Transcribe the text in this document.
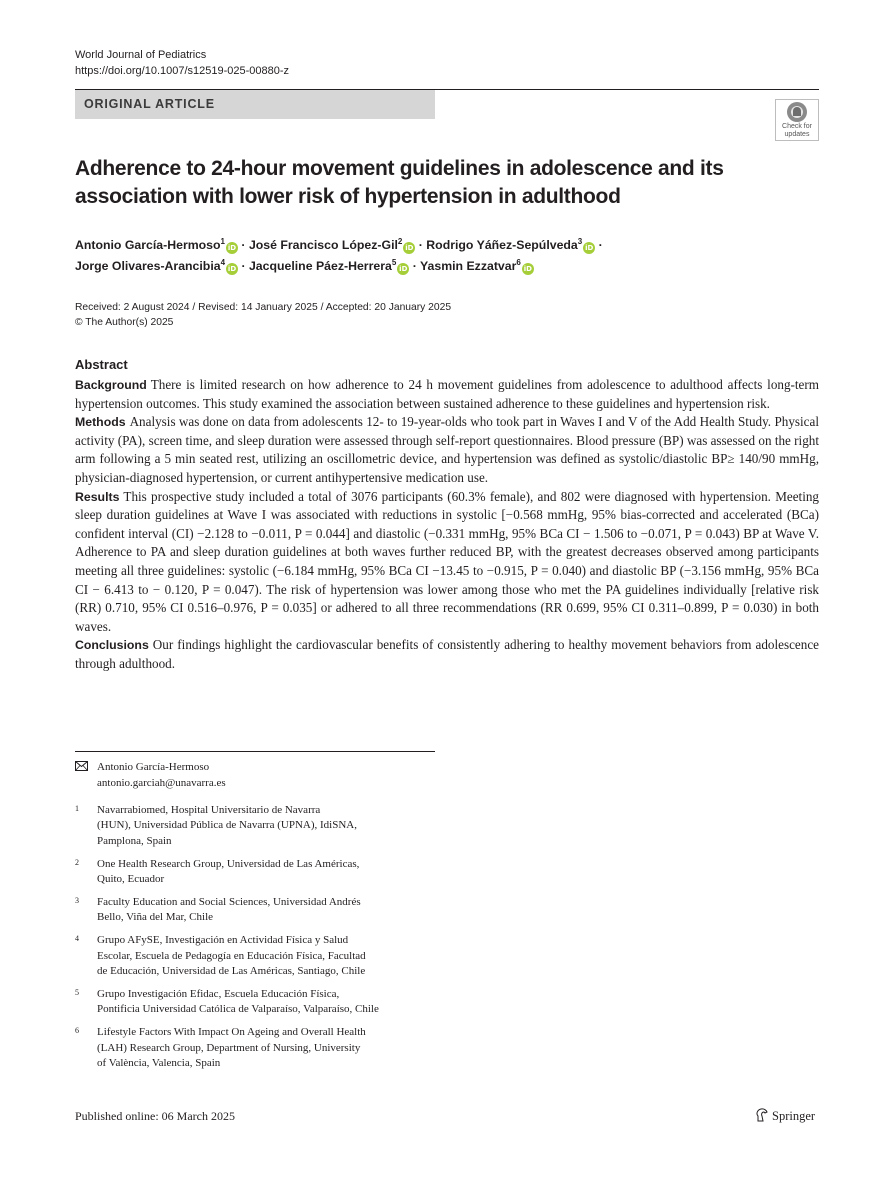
World Journal of Pediatrics
https://doi.org/10.1007/s12519-025-00880-z
ORIGINAL ARTICLE
Check for
updates
Adherence to 24-hour movement guidelines in adolescence and its
association with lower risk of hypertension in adulthood
Antonio García-Hermoso$^1$iD · José Francisco López-Gil$^2$iD · Rodrigo Yáñez-Sepúlveda$^3$iD ·
Jorge Olivares-Arancibia$^4$iD · Jacqueline Páez-Herrera$^5$iD · Yasmin Ezzatvar$^6$iD
Received: 2 August 2024 / Revised: 14 January 2025 / Accepted: 20 January 2025
© The Author(s) 2025
Abstract

Background There is limited research on how adherence to 24 h movement guidelines from adolescence to adulthood affects long-term hypertension outcomes. This study examined the association between sustained adherence to these guidelines and hypertension risk.

Methods Analysis was done on data from adolescents 12- to 19-year-olds who took part in Waves I and V of the Add Health Study. Physical activity (PA), screen time, and sleep duration were assessed through self-report questionnaires. Blood pressure (BP) was assessed on the right arm following a 5 min seated rest, utilizing an oscillometric device, and hypertension was defined as systolic/diastolic BP≥ 140/90 mmHg, physician-diagnosed hypertension, or current antihypertensive medication use.

Results This prospective study included a total of 3076 participants (60.3% female), and 802 were diagnosed with hypertension. Meeting sleep duration guidelines at Wave I was associated with reductions in systolic [−0.568 mmHg, 95% bias-corrected and accelerated (BCa) confident interval (CI) −2.128 to −0.011, P = 0.044] and diastolic (−0.331 mmHg, 95% BCa CI − 1.506 to −0.071, P = 0.043) BP at Wave V. Adherence to PA and sleep duration guidelines at both waves further reduced BP, with the greatest decreases observed among participants meeting all three guidelines: systolic (−6.184 mmHg, 95% BCa CI −13.45 to −0.915, P = 0.040) and diastolic BP (−3.156 mmHg, 95% BCa CI − 6.413 to − 0.120, P = 0.047). The risk of hypertension was lower among those who met the PA guidelines individually [relative risk (RR) 0.710, 95% CI 0.516–0.976, P = 0.035] or adhered to all three recommendations (RR 0.699, 95% CI 0.311–0.899, P = 0.030) in both waves.

Conclusions Our findings highlight the cardiovascular benefits of consistently adhering to healthy movement behaviors from adolescence through adulthood.

Antonio García-Hermoso
antonio.garciah@unavarra.es
1 Navarrabiomed, Hospital Universitario de Navarra
(HUN), Universidad Pública de Navarra (UPNA), IdiSNA,
Pamplona, Spain
2 One Health Research Group, Universidad de Las Américas,
Quito, Ecuador
3 Faculty Education and Social Sciences, Universidad Andrés
Bello, Viña del Mar, Chile
4 Grupo AFySE, Investigación en Actividad Física y Salud
Escolar, Escuela de Pedagogía en Educación Física, Facultad
de Educación, Universidad de Las Américas, Santiago, Chile
5 Grupo Investigación Efidac, Escuela Educación Física,
Pontificia Universidad Católica de Valparaíso, Valparaíso, Chile
6 Lifestyle Factors With Impact On Ageing and Overall Health
(LAH) Research Group, Department of Nursing, University
of València, Valencia, Spain
Published online: 06 March 2025	Springer
